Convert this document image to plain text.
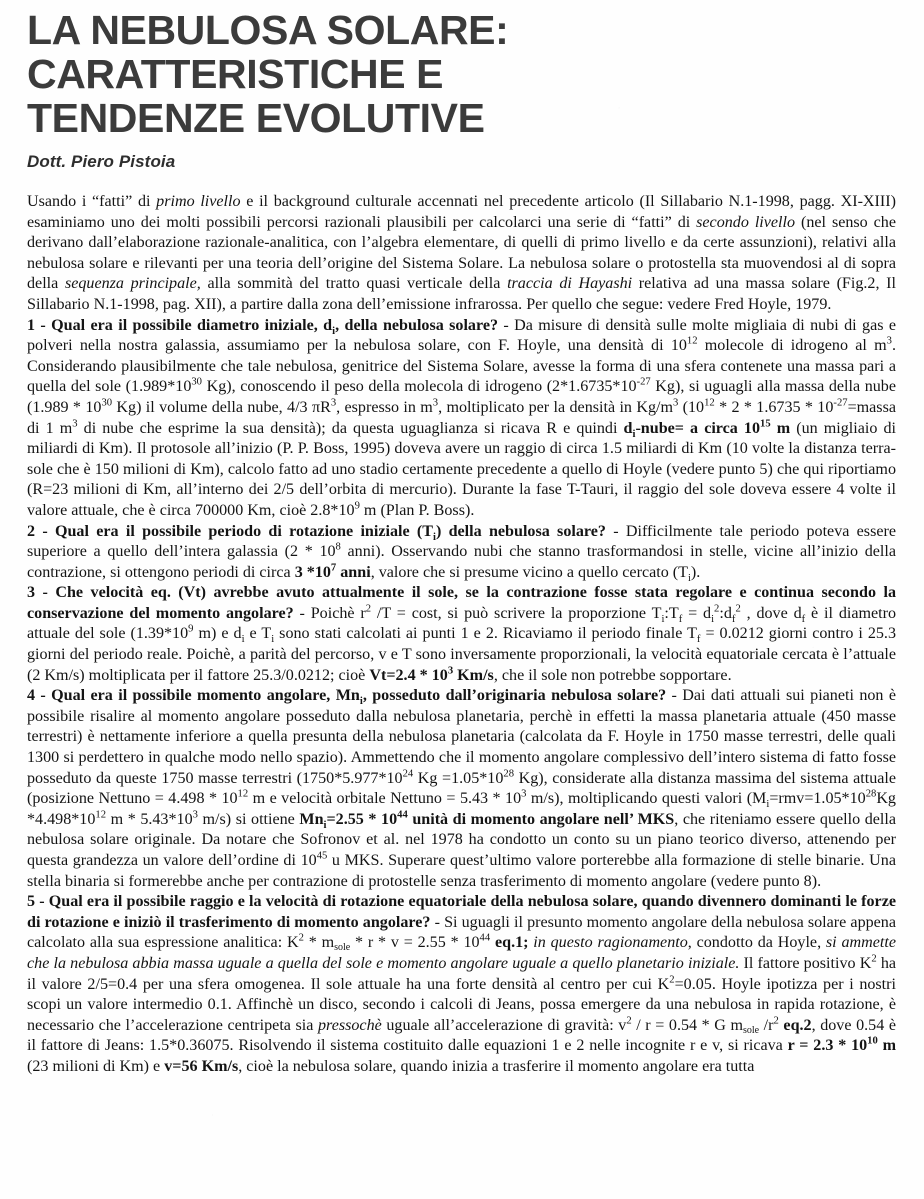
LA NEBULOSA SOLARE:
CARATTERISTICHE E
TENDENZE EVOLUTIVE
Dott. Piero Pistoia

Usando i “fatti” di primo livello e il background culturale accennati nel precedente articolo (Il Sillabario N.1-1998, pagg. XI-XIII) esaminiamo uno dei molti possibili percorsi razionali plausibili per calcolarci una serie di “fatti” di secondo livello (nel senso che derivano dall’elaborazione razionale-analitica, con l’algebra elementare, di quelli di primo livello e da certe assunzioni), relativi alla nebulosa solare e rilevanti per una teoria dell’origine del Sistema Solare. La nebulosa solare o protostella sta muovendosi al di sopra della sequenza principale, alla sommità del tratto quasi verticale della traccia di Hayashi relativa ad una massa solare (Fig.2, Il Sillabario N.1-1998, pag. XII), a partire dalla zona dell’emissione infrarossa. Per quello che segue: vedere Fred Hoyle, 1979.

1 - Qual era il possibile diametro iniziale, $d_i$, della nebulosa solare? - Da misure di densità sulle molte migliaia di nubi di gas e polveri nella nostra galassia, assumiamo per la nebulosa solare, con F. Hoyle, una densità di $10^{12}$ molecole di idrogeno al $m^3$. Considerando plausibilmente che tale nebulosa, genitrice del Sistema Solare, avesse la forma di una sfera contenete una massa pari a quella del sole ($1.989*10^{30}$ Kg), conoscendo il peso della molecola di idrogeno ($2*1.6735*10^{-27}$ Kg), si uguagli alla massa della nube ($1.989 * 10^{30}$ Kg) il volume della nube, 4/3 $\pi R^3$, espresso in $m^3$, moltiplicato per la densità in $Kg/m^3$ ($10^{12} * 2 * 1.6735$ * $10^{-27}=massa$ di 1 $m^3$ di nube che esprime la sua densità); da questa uguaglianza si ricava R e quindi $d_i-nube= a$ circa $10^{15}$ m (un migliaio di miliardi di Km). Il protosole all’inizio (P. P. Boss, 1995) doveva avere un raggio di circa 1.5 miliardi di Km (10 volte la distanza terra-sole che è 150 milioni di Km), calcolo fatto ad uno stadio certamente precedente a quello di Hoyle (vedere punto 5) che qui riportiamo (R=23 milioni di Km, all’interno dei 2/5 dell’orbita di mercurio). Durante la fase T-Tauri, il raggio del sole doveva essere 4 volte il valore attuale, che è circa 700000 Km, cioè $2.8*10^9$ m (Plan P. Boss).

2 - Qual era il possibile periodo di rotazione iniziale $(T_i)$ della nebulosa solare? - Difficilmente tale periodo poteva essere superiore a quello dell’intera galassia ($2 * 10^8$ anni). Osservando nubi che stanno trasformandosi in stelle, vicine all’inizio della contrazione, si ottengono periodi di circa 3 $*10^7$ anni, valore che si presume vicino a quello cercato $(T_i)$.

3 - Che velocità eq. (Vt) avrebbe avuto attualmente il sole, se la contrazione fosse stata regolare e continua secondo la conservazione del momento angolare? - Poichè $r^2$ /T = cost, si può scrivere la proporzione $T_i:T_f$ = $d_i^2:d_f^2$ , dove $d_f$ è il diametro attuale del sole ($1.39*10^9$ m) e $d_i$ e $T_i$ sono stati calcolati ai punti 1 e 2. Ricaviamo il periodo finale $T_f = 0.0212$ giorni contro i 25.3 giorni del periodo reale. Poichè, a parità del percorso, v e T sono inversamente proporzionali, la velocità equatoriale cercata è l’attuale (2 Km/s) moltiplicata per il fattore 25.3/0.0212; cioè $Vt=2.4 * 10^3$ Km/s, che il sole non potrebbe sopportare.

4 - Qual era il possibile momento angolare, $Mn_i$, posseduto dall’originaria nebulosa solare? - Dai dati attuali sui pianeti non è possibile risalire al momento angolare posseduto dalla nebulosa planetaria, perchè in effetti la massa planetaria attuale (450 masse terrestri) è nettamente inferiore a quella presunta della nebulosa planetaria (calcolata da F. Hoyle in 1750 masse terrestri, delle quali 1300 si perdettero in qualche modo nello spazio). Ammettendo che il momento angolare complessivo dell’intero sistema di fatto fosse posseduto da queste 1750 masse terrestri ($1750*5.977*10^{24}$ $Kg =1.05*10^{28}$ Kg), considerate alla distanza massima del sistema attuale (posizione Nettuno = $4.498 * 10^{12}$ m e velocità orbitale Nettuno = $5.43 * 10^3$ m/s), moltiplicando questi valori ($M_i=rmv=1.05*10^{28}Kg$ $*4.498*10^{12}$ m * $5.43*10^3$ m/s) si ottiene $Mn_i=2.55 * 10^{44}$ unità di momento angolare nell’ MKS, che riteniamo essere quello della nebulosa solare originale. Da notare che Sofronov et al. nel 1978 ha condotto un conto su un piano teorico diverso, attenendo per questa grandezza un valore dell’ordine di $10^{45}$ u MKS. Superare quest’ultimo valore porterebbe alla formazione di stelle binarie. Una stella binaria si formerebbe anche per contrazione di protostelle senza trasferimento di momento angolare (vedere punto 8).

5 - Qual era il possibile raggio e la velocità di rotazione equatoriale della nebulosa solare, quando divennero dominanti le forze di rotazione e iniziò il trasferimento di momento angolare? - Si uguagli il presunto momento angolare della nebulosa solare appena calcolato alla sua espressione analitica: $K^2 * m_{sole} * r * v = 2.55 * 10^{44}$ eq.1; in questo ragionamento, condotto da Hoyle, si ammette che la nebulosa abbia massa uguale a quella del sole e momento angolare uguale a quello planetario iniziale. Il fattore positivo $K^2$ ha il valore 2/5=0.4 per una sfera omogenea. Il sole attuale ha una forte densità al centro per cui $K^2=0.05$. Hoyle ipotizza per i nostri scopi un valore intermedio 0.1. Affinchè un disco, secondo i calcoli di Jeans, possa emergere da una nebulosa in rapida rotazione, è necessario che l’accelerazione centripeta sia pressochè uguale all’accelerazione di gravità: $v^2 / r = 0.54 * G$ $m_{sole}$ $/r^2$ eq.2, dove 0.54 è il fattore di Jeans: 1.5*0.36075. Risolvendo il sistema costituito dalle equazioni 1 e 2 nelle incognite r e v, si ricava $r = 2.3 * 10^{10}$ m (23 milioni di Km) e v=56 Km/s, cioè la nebulosa solare, quando inizia a trasferire il momento angolare era tutta
